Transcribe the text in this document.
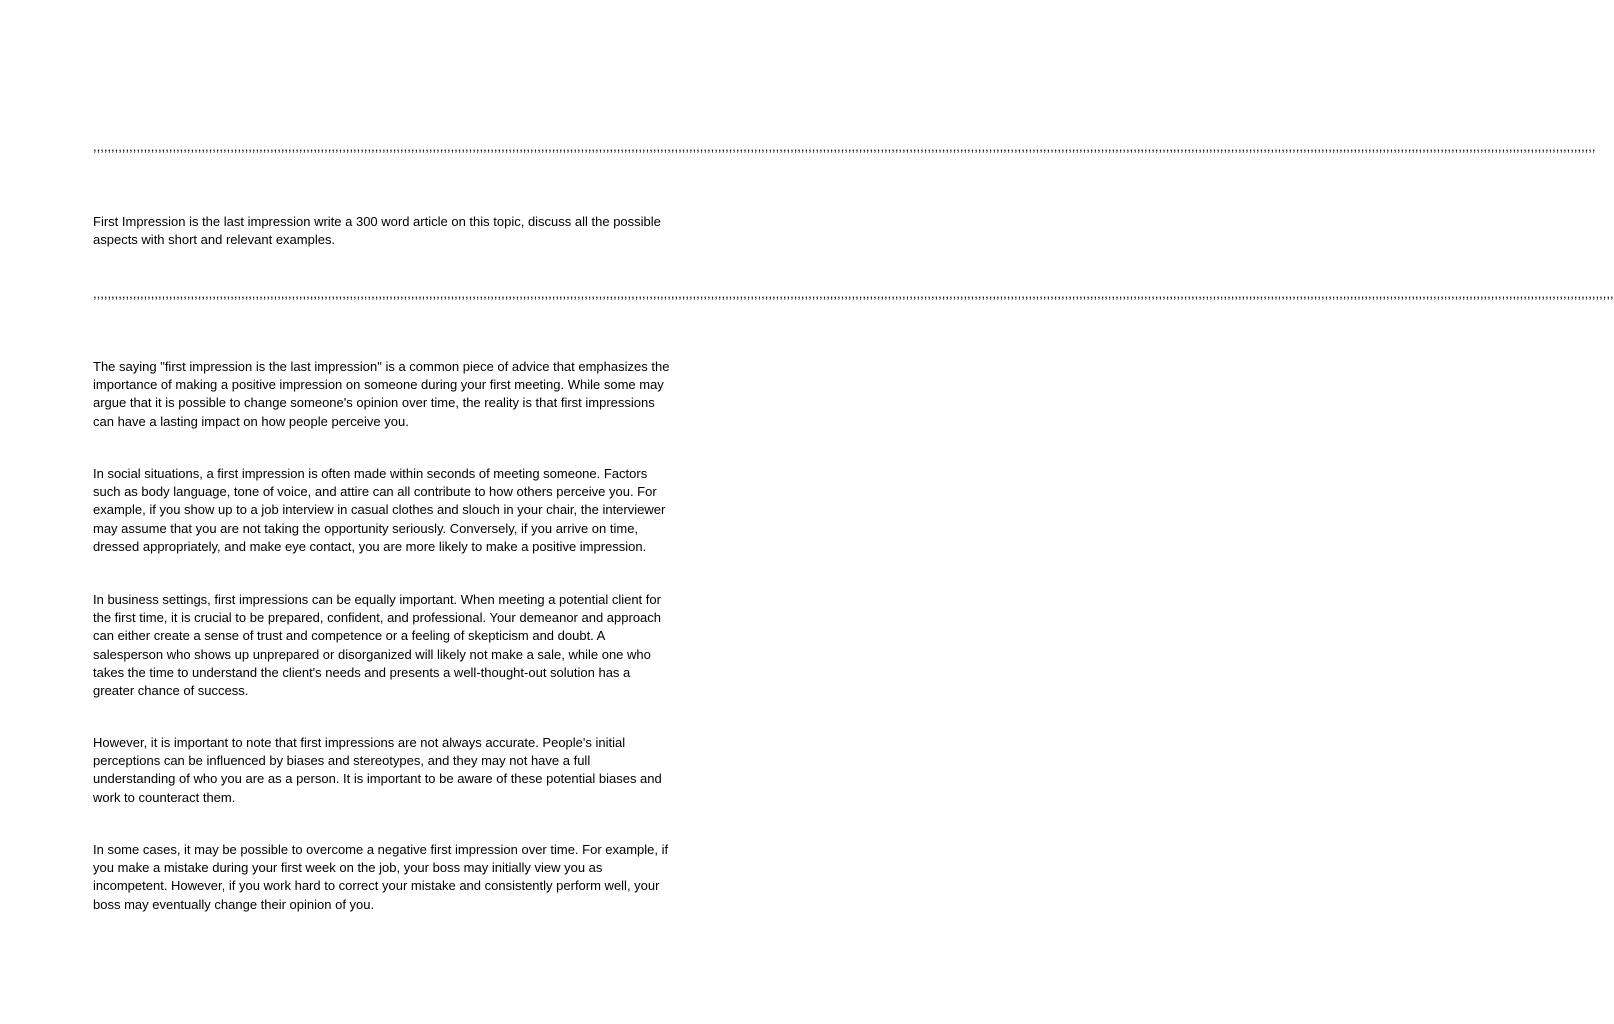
,,,,,,,,,,,,,,,,,,,,,,,,,,,,,,,,,,,,,,,,,,,,,,,,,,,,,,,,,,,,,,,,,,,,,,,,,,,,,,,,,,,,,,,,,,,,,,,,,,,,,,,,,,,,,,,,,,,,,,,,,,,,,,,,,,,,,,,,,,,,,,,,,,,,,,,,,,,,,,,,,,,,,,,,,,,,,,,,,,,,,,,,,,,,,,,,,,,,,,,,,,,,,,,,,,,,,,,,,,,,,,,,,,,,,,,,,,,,,,,,,,,,,,,,,,,,,,,,,,,,,,,,,,,,,,,,,,,,,,,,,,,,,,,,,,,,,,,,,,,,,,,,,,,,,,,,,,,,,,,,,,,,,,,,,,,,,,,,,,,,,,,,,,,,,,,,,,,,,,,,,,,,,,,,,,,,,,,,,,,,,,,,,,,,,,,,,,,,,,,,,,,,,,,,,,,,,,,,

First Impression is the last impression write a 300 word article on this topic, discuss all the possible aspects with short and relevant examples.

,,,,,,,,,,,,,,,,,,,,,,,,,,,,,,,,,,,,,,,,,,,,,,,,,,,,,,,,,,,,,,,,,,,,,,,,,,,,,,,,,,,,,,,,,,,,,,,,,,,,,,,,,,,,,,,,,,,,,,,,,,,,,,,,,,,,,,,,,,,,,,,,,,,,,,,,,,,,,,,,,,,,,,,,,,,,,,,,,,,,,,,,,,,,,,,,,,,,,,,,,,,,,,,,,,,,,,,,,,,,,,,,,,,,,,,,,,,,,,,,,,,,,,,,,,,,,,,,,,,,,,,,,,,,,,,,,,,,,,,,,,,,,,,,,,,,,,,,,,,,,,,,,,,,,,,,,,,,,,,,,,,,,,,,,,,,,,,,,,,,,,,,,,,,,,,,,,,,,,,,,,,,,,,,,,,,,,,,,,,,,,,,,,,,,,,,,,,,,,,,,,,,,,,,,,,,,,,,,,,,,

The saying "first impression is the last impression" is a common piece of advice that emphasizes the importance of making a positive impression on someone during your first meeting. While some may argue that it is possible to change someone's opinion over time, the reality is that first impressions can have a lasting impact on how people perceive you.

In social situations, a first impression is often made within seconds of meeting someone. Factors such as body language, tone of voice, and attire can all contribute to how others perceive you. For example, if you show up to a job interview in casual clothes and slouch in your chair, the interviewer may assume that you are not taking the opportunity seriously. Conversely, if you arrive on time, dressed appropriately, and make eye contact, you are more likely to make a positive impression.

In business settings, first impressions can be equally important. When meeting a potential client for the first time, it is crucial to be prepared, confident, and professional. Your demeanor and approach can either create a sense of trust and competence or a feeling of skepticism and doubt. A salesperson who shows up unprepared or disorganized will likely not make a sale, while one who takes the time to understand the client's needs and presents a well-thought-out solution has a greater chance of success.

However, it is important to note that first impressions are not always accurate. People's initial perceptions can be influenced by biases and stereotypes, and they may not have a full understanding of who you are as a person. It is important to be aware of these potential biases and work to counteract them.

In some cases, it may be possible to overcome a negative first impression over time. For example, if you make a mistake during your first week on the job, your boss may initially view you as incompetent. However, if you work hard to correct your mistake and consistently perform well, your boss may eventually change their opinion of you.
